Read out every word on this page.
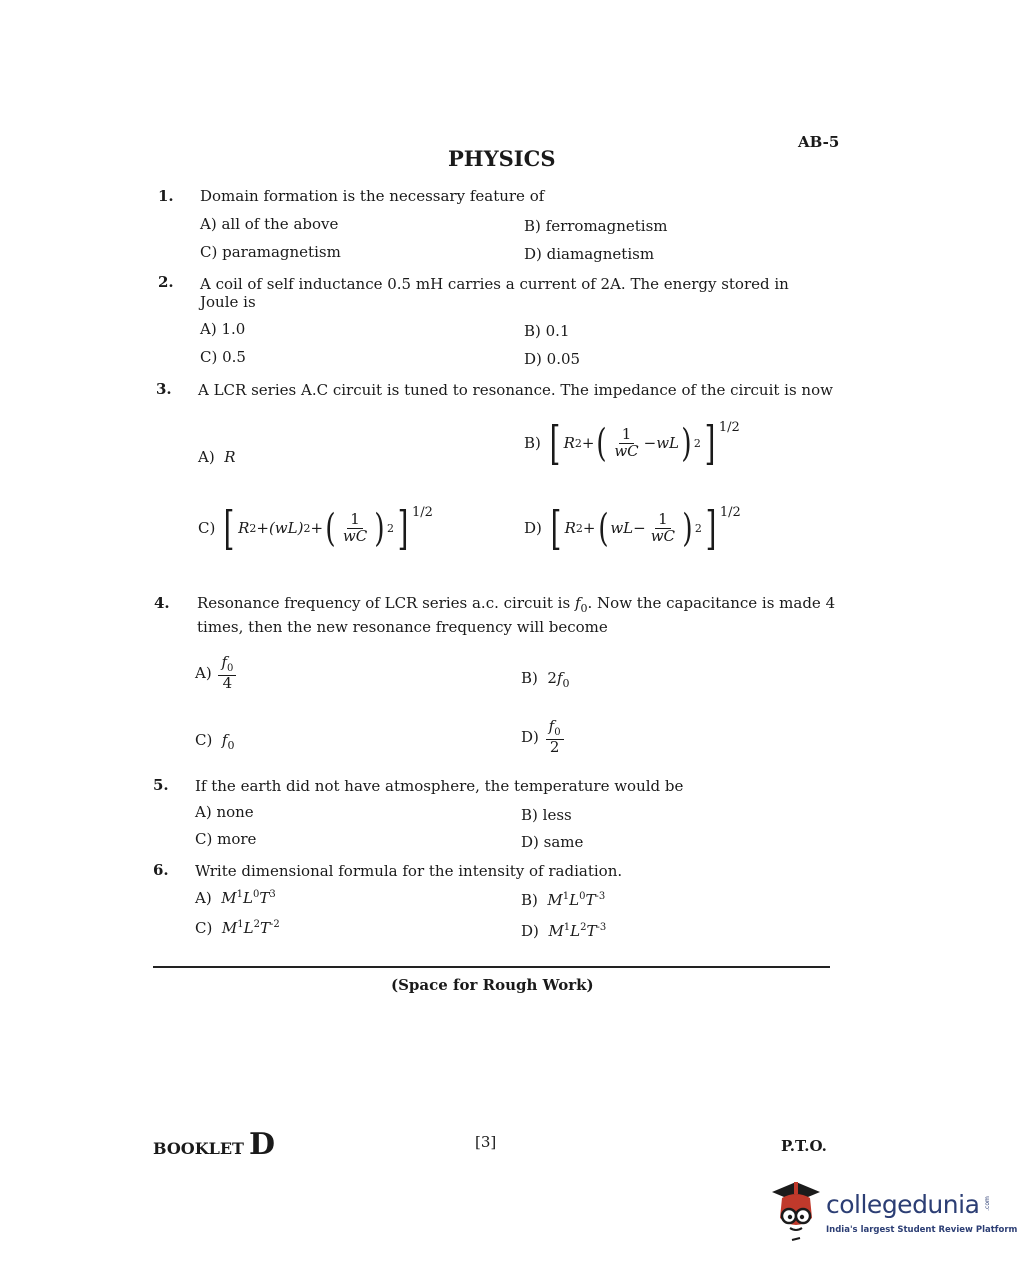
AB-5
PHYSICS
1. Domain formation is the necessary feature of
A) all of the above	B) ferromagnetism
C) paramagnetism	D) diamagnetism
2. A coil of self inductance 0.5 mH carries a current of 2A. The energy stored in
Joule is
A) 1.0	B) 0.1
C) 0.5	D) 0.05
3. A LCR series A.C circuit is tuned to resonance. The impedance of the circuit is now
A) R
B)
[ R 2 + ( $\frac{1}{wC}$ − wL ) 2 ] 1/2
C)
[ R 2 + (wL) 2 + ( $\frac{1}{wC}$ ) 2 ] 1/2
D)
[ R 2 + ( wL − $\frac{1}{wC}$ ) 2 ] 1/2
4. Resonance frequency of LCR series a.c. circuit is $f_0$. Now the capacitance is made 4
times, then the new resonance frequency will become
A)
$\frac{f_0}{4}$	B) $2f_0$
C) $f_0$	D)
$\frac{f_0}{2}$
5. If the earth did not have atmosphere, the temperature would be
A) none	B) less
C) more	D) same
6. Write dimensional formula for the intensity of radiation.
A) $M^1L^0T^3$	B) $M^1L^0T^{-3}$
C) $M^1L^2T^{-2}$	D) $M^1L^2T^{-3}$
(Space for Rough Work)
BOOKLET D	[3]	P.T.O.
collegedunia .com
India's largest Student Review Platform
